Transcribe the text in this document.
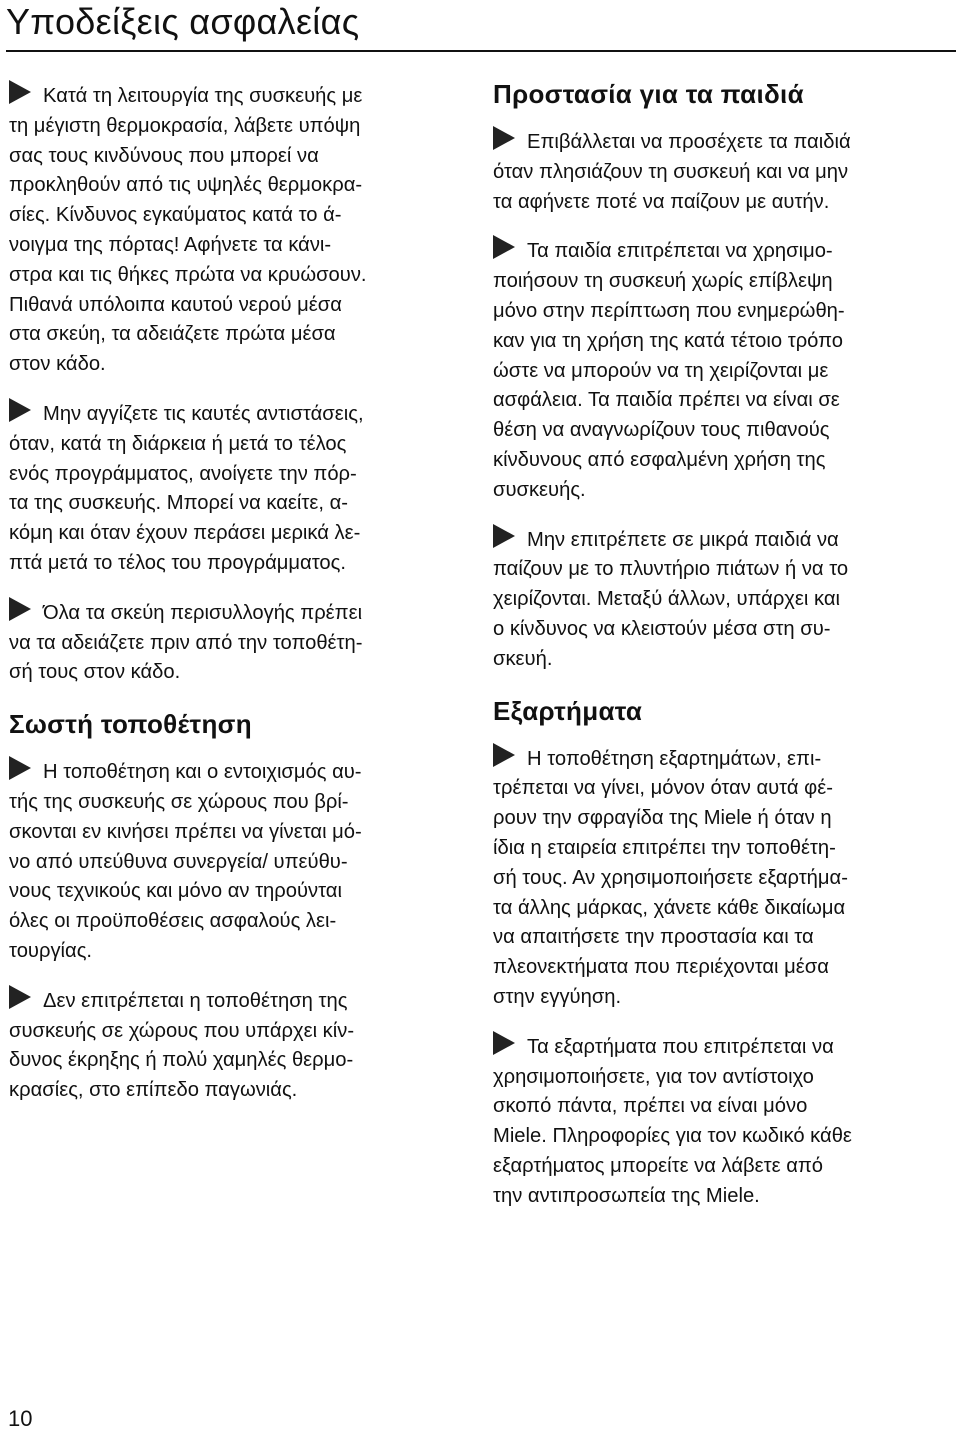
Υποδείξεις ασφαλείας

Κατά τη λειτουργία της συσκευής με
τη μέγιστη θερμοκρασία, λάβετε υπόψη
σας τους κινδύνους που μπορεί να
προκληθούν από τις υψηλές θερμοκρα-
σίες. Κίνδυνος εγκαύματος κατά το ά-
νοιγμα της πόρτας! Αφήνετε τα κάνι-
στρα και τις θήκες πρώτα να κρυώσουν.
Πιθανά υπόλοιπα καυτού νερού μέσα
στα σκεύη, τα αδειάζετε πρώτα μέσα
στον κάδο.

Μην αγγίζετε τις καυτές αντιστάσεις,
όταν, κατά τη διάρκεια ή μετά το τέλος
ενός προγράμματος, ανοίγετε την πόρ-
τα της συσκευής. Μπορεί να καείτε, α-
κόμη και όταν έχουν περάσει μερικά λε-
πτά μετά το τέλος του προγράμματος.

Όλα τα σκεύη περισυλλογής πρέπει
να τα αδειάζετε πριν από την τοποθέτη-
σή τους στον κάδο.

Σωστή τοποθέτηση

Η τοποθέτηση και ο εντοιχισμός αυ-
τής της συσκευής σε χώρους που βρί-
σκονται εν κινήσει πρέπει να γίνεται μό-
νο από υπεύθυνα συνεργεία/ υπεύθυ-
νους τεχνικούς και μόνο αν τηρούνται
όλες οι προϋποθέσεις ασφαλούς λει-
τουργίας.

Δεν επιτρέπεται η τοποθέτηση της
συσκευής σε χώρους που υπάρχει κίν-
δυνος έκρηξης ή πολύ χαμηλές θερμο-
κρασίες, στο επίπεδο παγωνιάς.

Προστασία για τα παιδιά

Επιβάλλεται να προσέχετε τα παιδιά
όταν πλησιάζουν τη συσκευή και να μην
τα αφήνετε ποτέ να παίζουν με αυτήν.

Τα παιδία επιτρέπεται να χρησιμο-
ποιήσουν τη συσκευή χωρίς επίβλεψη
μόνο στην περίπτωση που ενημερώθη-
καν για τη χρήση της κατά τέτοιο τρόπο
ώστε να μπορούν να τη χειρίζονται με
ασφάλεια. Τα παιδία πρέπει να είναι σε
θέση να αναγνωρίζουν τους πιθανούς
κίνδυνους από εσφαλμένη χρήση της
συσκευής.

Μην επιτρέπετε σε μικρά παιδιά να
παίζουν με το πλυντήριο πιάτων ή να το
χειρίζονται. Μεταξύ άλλων, υπάρχει και
ο κίνδυνος να κλειστούν μέσα στη συ-
σκευή.

Εξαρτήματα

Η τοποθέτηση εξαρτημάτων, επι-
τρέπεται να γίνει, μόνον όταν αυτά φέ-
ρουν την σφραγίδα της Miele ή όταν η
ίδια η εταιρεία επιτρέπει την τοποθέτη-
σή τους. Αν χρησιμοποιήσετε εξαρτήμα-
τα άλλης μάρκας, χάνετε κάθε δικαίωμα
να απαιτήσετε την προστασία και τα
πλεονεκτήματα που περιέχονται μέσα
στην εγγύηση.

Τα εξαρτήματα που επιτρέπεται να
χρησιμοποιήσετε, για τον αντίστοιχο
σκοπό πάντα, πρέπει να είναι μόνο
Miele. Πληροφορίες για τον κωδικό κάθε
εξαρτήματος μπορείτε να λάβετε από
την αντιπροσωπεία της Miele.

10
